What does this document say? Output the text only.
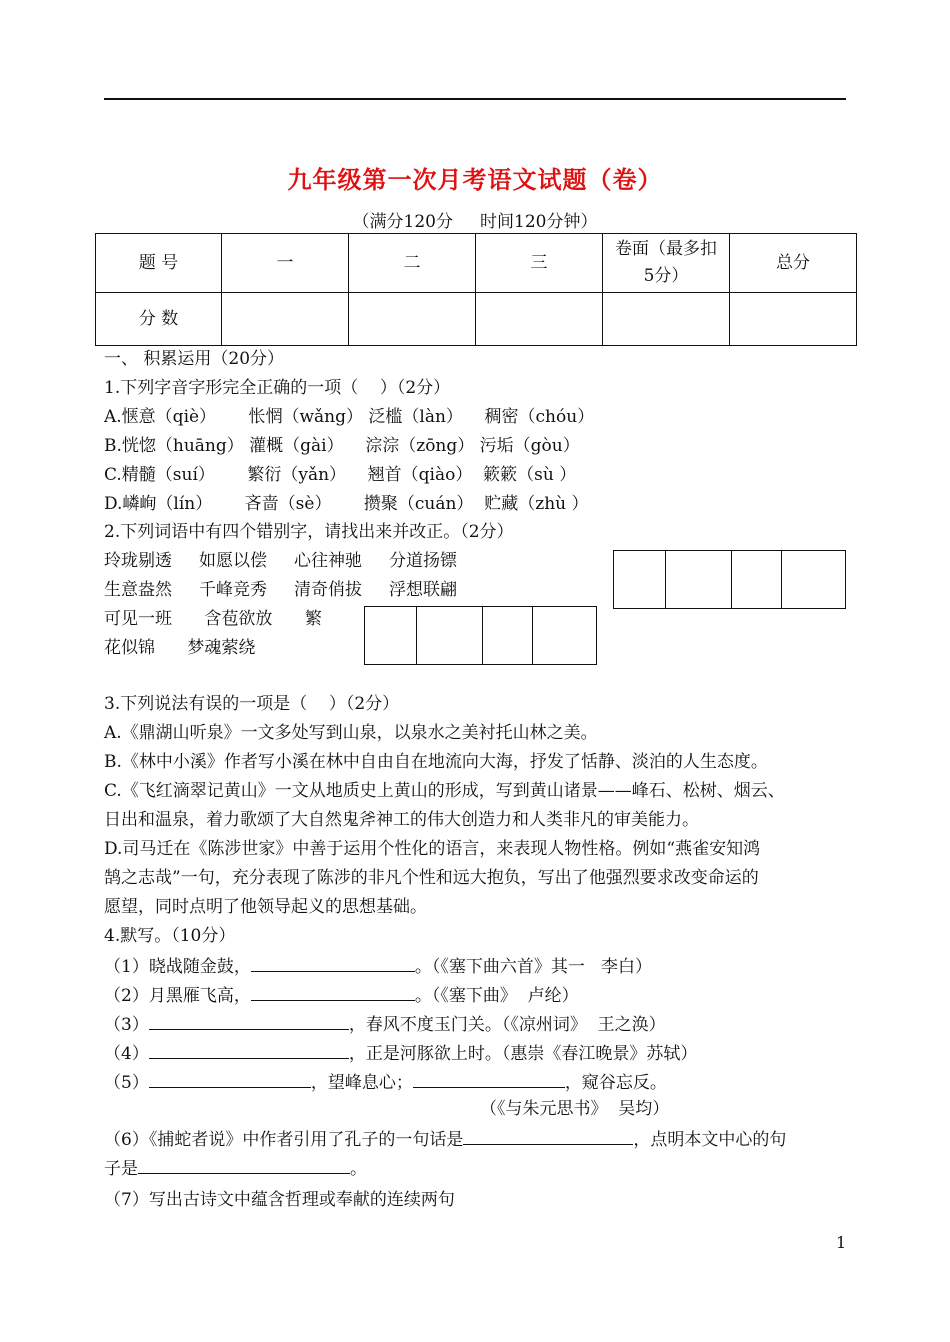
九年级第一次月考语文试题（卷）
（满分120分     时间120分钟）
题 号	一	二	三	卷面（最多扣5分）	总分
分 数					
一、 积累运用（20分）
1.下列字音字形完全正确的一项（    ）（2分）
A.惬意（qiè）      怅惘（wǎng） 泛槛（làn）    稠密（chóu）
B.恍惚（huāng） 灌概（gài）    淙淙（zōng） 污垢（gòu）
C.精髓（suí）      繁衍（yǎn）    翘首（qiào）  簌簌（sù ）
D.嶙峋（lín）      吝啬（sè）      攒聚（cuán）  贮藏（zhù ）
2.下列词语中有四个错别字，请找出来并改正。（2分）
玲珑剔透     如愿以偿     心往神驰     分道扬镖
生意盎然     千峰竞秀     清奇俏拔     浮想联翩
可见一班      含苞欲放      繁
花似锦      梦魂萦绕

3.下列说法有误的一项是（    ）（2分）
A.《鼎湖山听泉》一文多处写到山泉，以泉水之美衬托山林之美。
B.《林中小溪》作者写小溪在林中自由自在地流向大海，抒发了恬静、淡泊的人生态度。
C.《飞红滴翠记黄山》一文从地质史上黄山的形成，写到黄山诸景——峰石、松树、烟云、
日出和温泉，着力歌颂了大自然鬼斧神工的伟大创造力和人类非凡的审美能力。
D.司马迁在《陈涉世家》中善于运用个性化的语言，来表现人物性格。例如“燕雀安知鸿
鹄之志哉”一句，充分表现了陈涉的非凡个性和远大抱负，写出了他强烈要求改变命运的
愿望，同时点明了他领导起义的思想基础。
4.默写。（10分）
（1）晓战随金鼓，	。（《塞下曲六首》其一   李白）
（2）月黑雁飞高，	。（《塞下曲》  卢纶）
（3）	，春风不度玉门关。（《凉州词》  王之涣）
（4）	，正是河豚欲上时。（惠崇《春江晚景》苏轼）
（5）	，望峰息心；	，窥谷忘反。
（《与朱元思书》  吴均）
（6）《捕蛇者说》中作者引用了孔子的一句话是	，点明本文中心的句
子是	。
（7）写出古诗文中蕴含哲理或奉献的连续两句
1
